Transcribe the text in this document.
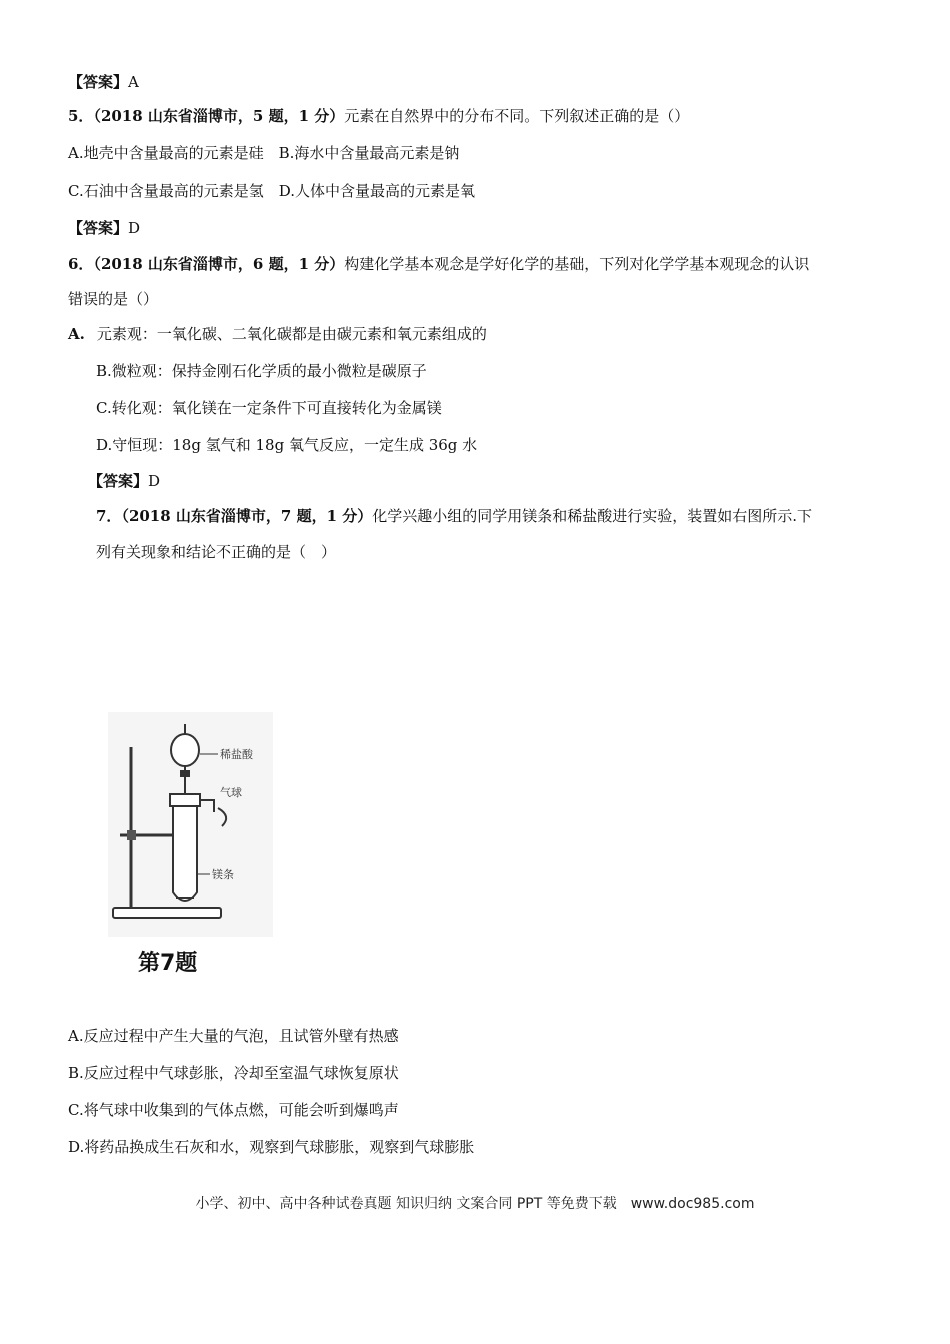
【答案】A
5．（2018 山东省淄博市，5 题，1 分）元素在自然界中的分布不同。下列叙述正确的是（）
A.地壳中含量最高的元素是硅　B.海水中含量最高元素是钠
C.石油中含量最高的元素是氢　D.人体中含量最高的元素是氧
【答案】D
6．（2018 山东省淄博市，6 题，1 分）构建化学基本观念是学好化学的基础，下列对化学学基本观现念的认识
错误的是（）
A. 元素观：一氧化碳、二氧化碳都是由碳元素和氧元素组成的
B.微粒观：保持金刚石化学质的最小微粒是碳原子
C.转化观：氧化镁在一定条件下可直接转化为金属镁
D.守恒现：18g 氢气和 18g 氧气反应，一定生成 36g 水
【答案】D
7．（2018 山东省淄博市，7 题，1 分）化学兴趣小组的同学用镁条和稀盐酸进行实验，装置如右图所示.下
列有关现象和结论不正确的是（　）
稀盐酸
气球
镁条
第7题
A.反应过程中产生大量的气泡，且试管外壁有热感
B.反应过程中气球彭胀，冷却至室温气球恢复原状
C.将气球中收集到的气体点燃，可能会听到爆鸣声
D.将药品换成生石灰和水，观察到气球膨胀，观察到气球膨胀
小学、初中、高中各种试卷真题 知识归纳 文案合同 PPT 等免费下载　www.doc985.com
